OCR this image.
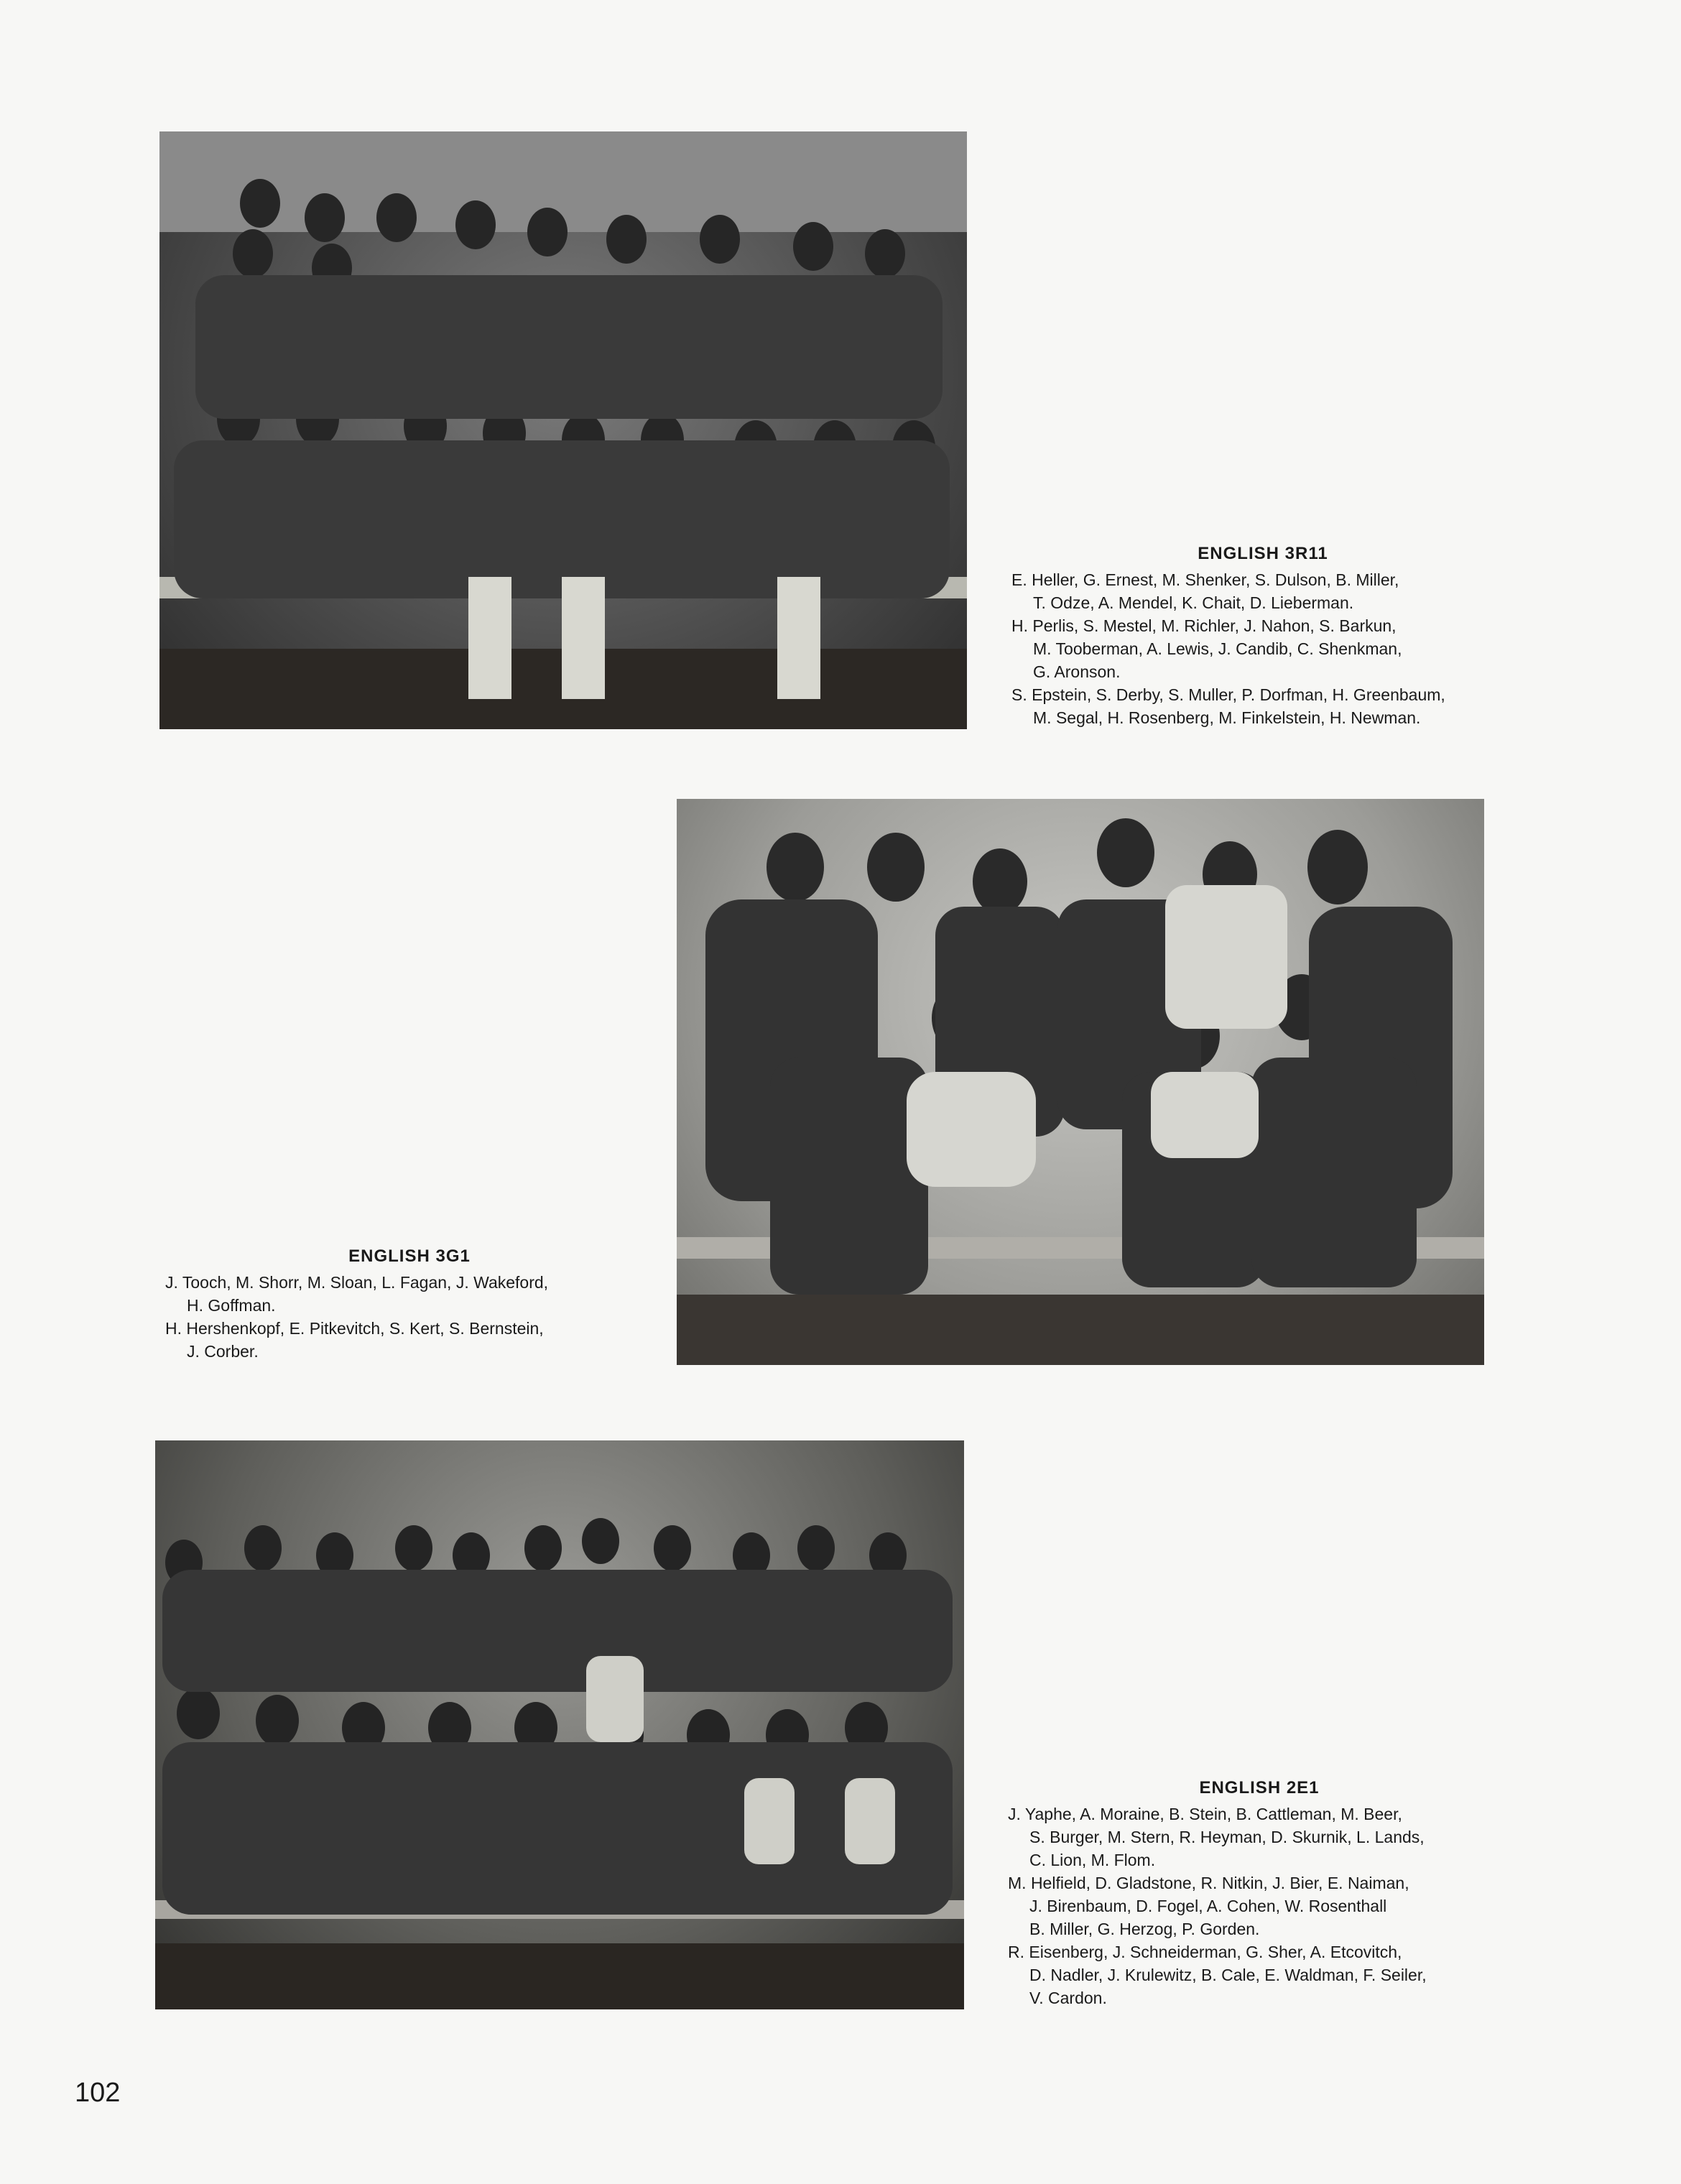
ENGLISH 3R11
E. Heller, G. Ernest, M. Shenker, S. Dulson, B. Miller,
T. Odze, A. Mendel, K. Chait, D. Lieberman.
H. Perlis, S. Mestel, M. Richler, J. Nahon, S. Barkun,
M. Tooberman, A. Lewis, J. Candib, C. Shenkman,
G. Aronson.
S. Epstein, S. Derby, S. Muller, P. Dorfman, H. Greenbaum,
M. Segal, H. Rosenberg, M. Finkelstein, H. Newman.
ENGLISH 3G1
J. Tooch, M. Shorr, M. Sloan, L. Fagan, J. Wakeford,
H. Goffman.
H. Hershenkopf, E. Pitkevitch, S. Kert, S. Bernstein,
J. Corber.
ENGLISH 2E1
J. Yaphe, A. Moraine, B. Stein, B. Cattleman, M. Beer,
S. Burger, M. Stern, R. Heyman, D. Skurnik, L. Lands,
C. Lion, M. Flom.
M. Helfield, D. Gladstone, R. Nitkin, J. Bier, E. Naiman,
J. Birenbaum, D. Fogel, A. Cohen, W. Rosenthall
B. Miller, G. Herzog, P. Gorden.
R. Eisenberg, J. Schneiderman, G. Sher, A. Etcovitch,
D. Nadler, J. Krulewitz, B. Cale, E. Waldman, F. Seiler,
V. Cardon.
102
